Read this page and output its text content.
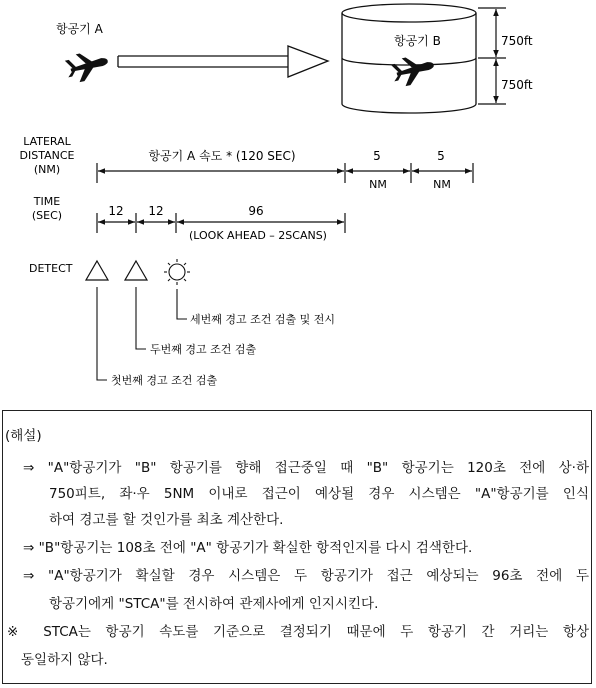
항공기 A
항공기 B	750ft
750ft
LATERAL
DISTANCE
(NM)
항공기 A 속도 * (120 SEC)	5	5
NM	NM
TIME
(SEC)	12 12	96
(LOOK AHEAD – 2SCANS)
DETECT
세번째 경고 조건 검출 및 전시
두번째 경고 조건 검출
첫번째 경고 조건 검출
(해설)
⇒ "A"항공기가 "B" 항공기를 향해 접근중일 때 "B" 항공기는 120초 전에 상·하
750피트, 좌·우 5NM 이내로 접근이 예상될 경우 시스템은 "A"항공기를 인식
하여 경고를 할 것인가를 최초 계산한다.
⇒ "B"항공기는 108초 전에 "A" 항공기가 확실한 항적인지를 다시 검색한다.
⇒ "A"항공기가 확실할 경우 시스템은 두 항공기가 접근 예상되는 96초 전에 두
항공기에게 "STCA"를 전시하여 관제사에게 인지시킨다.
※ STCA는 항공기 속도를 기준으로 결정되기 때문에 두 항공기 간 거리는 항상
동일하지 않다.
